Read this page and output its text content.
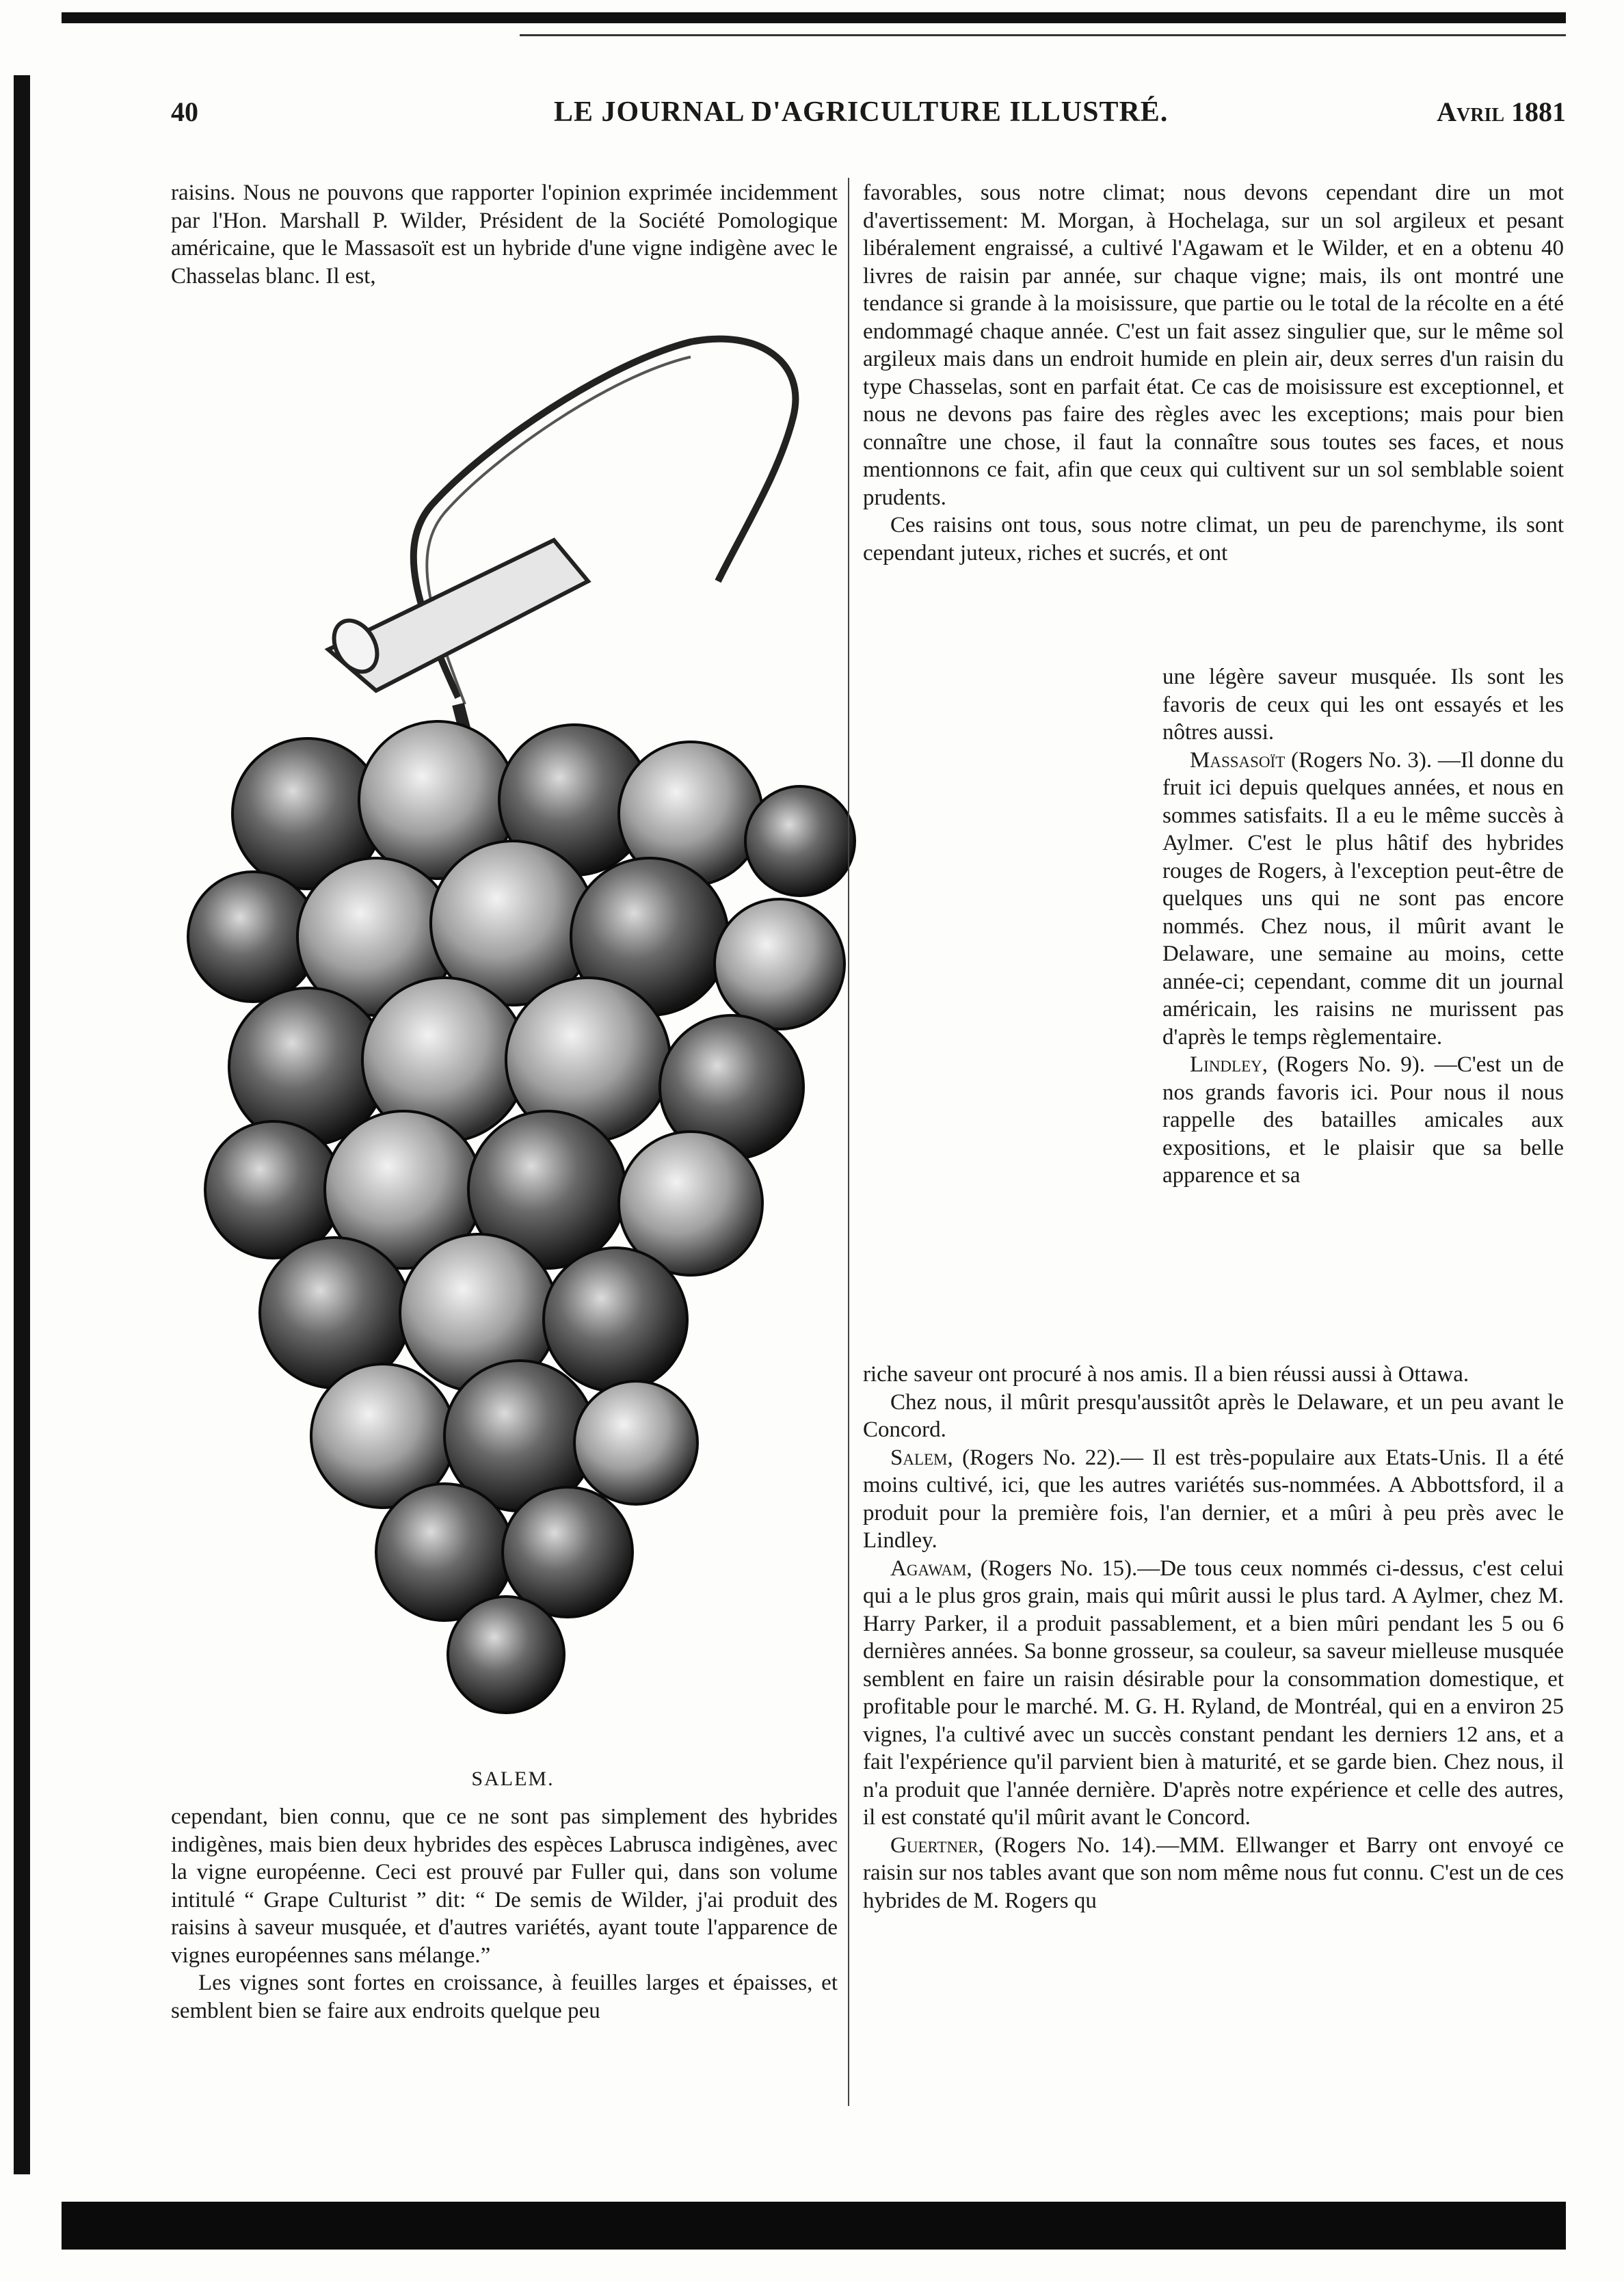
40	LE JOURNAL D'AGRICULTURE ILLUSTRÉ.	Avril 1881

raisins. Nous ne pouvons que rapporter l'opinion exprimée incidemment par l'Hon. Marshall P. Wilder, Président de la Société Pomologique américaine, que le Massasoït est un hybride d'une vigne indigène avec le Chasselas blanc. Il est,

SALEM.

cependant, bien connu, que ce ne sont pas simplement des hybrides indigènes, mais bien deux hybrides des espèces Labrusca indigènes, avec la vigne européenne. Ceci est prouvé par Fuller qui, dans son volume intitulé “ Grape Culturist ” dit: “ De semis de Wilder, j'ai produit des raisins à saveur musquée, et d'autres variétés, ayant toute l'apparence de vignes européennes sans mélange.”

Les vignes sont fortes en croissance, à feuilles larges et épaisses, et semblent bien se faire aux endroits quelque peu

favorables, sous notre climat; nous devons cependant dire un mot d'avertissement: M. Morgan, à Hochelaga, sur un sol argileux et pesant libéralement engraissé, a cultivé l'Agawam et le Wilder, et en a obtenu 40 livres de raisin par année, sur chaque vigne; mais, ils ont montré une tendance si grande à la moisissure, que partie ou le total de la récolte en a été endommagé chaque année. C'est un fait assez singulier que, sur le même sol argileux mais dans un endroit humide en plein air, deux serres d'un raisin du type Chasselas, sont en parfait état. Ce cas de moisissure est exceptionnel, et nous ne devons pas faire des règles avec les exceptions; mais pour bien connaître une chose, il faut la connaître sous toutes ses faces, et nous mentionnons ce fait, afin que ceux qui cultivent sur un sol semblable soient prudents.

Ces raisins ont tous, sous notre climat, un peu de parenchyme, ils sont cependant juteux, riches et sucrés, et ont

une légère saveur musquée. Ils sont les favoris de ceux qui les ont essayés et les nôtres aussi.

Massasoït (Rogers No. 3). —Il donne du fruit ici depuis quelques années, et nous en sommes satisfaits. Il a eu le même succès à Aylmer. C'est le plus hâtif des hybrides rouges de Rogers, à l'exception peut-être de quelques uns qui ne sont pas encore nommés. Chez nous, il mûrit avant le Delaware, une semaine au moins, cette année-ci; cependant, comme dit un journal américain, les raisins ne murissent pas d'après le temps règlementaire.

Lindley, (Rogers No. 9). —C'est un de nos grands favoris ici. Pour nous il nous rappelle des batailles amicales aux expositions, et le plaisir que sa belle apparence et sa

riche saveur ont procuré à nos amis. Il a bien réussi aussi à Ottawa.

Chez nous, il mûrit presqu'aussitôt après le Delaware, et un peu avant le Concord.

Salem, (Rogers No. 22).— Il est très-populaire aux Etats-Unis. Il a été moins cultivé, ici, que les autres variétés sus-nommées. A Abbottsford, il a produit pour la première fois, l'an dernier, et a mûri à peu près avec le Lindley.

Agawam, (Rogers No. 15).—De tous ceux nommés ci-dessus, c'est celui qui a le plus gros grain, mais qui mûrit aussi le plus tard. A Aylmer, chez M. Harry Parker, il a produit passablement, et a bien mûri pendant les 5 ou 6 dernières années. Sa bonne grosseur, sa couleur, sa saveur mielleuse musquée semblent en faire un raisin désirable pour la consommation domestique, et profitable pour le marché. M. G. H. Ryland, de Montréal, qui en a environ 25 vignes, l'a cultivé avec un succès constant pendant les derniers 12 ans, et a fait l'expérience qu'il parvient bien à maturité, et se garde bien. Chez nous, il n'a produit que l'année dernière. D'après notre expérience et celle des autres, il est constaté qu'il mûrit avant le Concord.

Guertner, (Rogers No. 14).—MM. Ellwanger et Barry ont envoyé ce raisin sur nos tables avant que son nom même nous fut connu. C'est un de ces hybrides de M. Rogers qu
